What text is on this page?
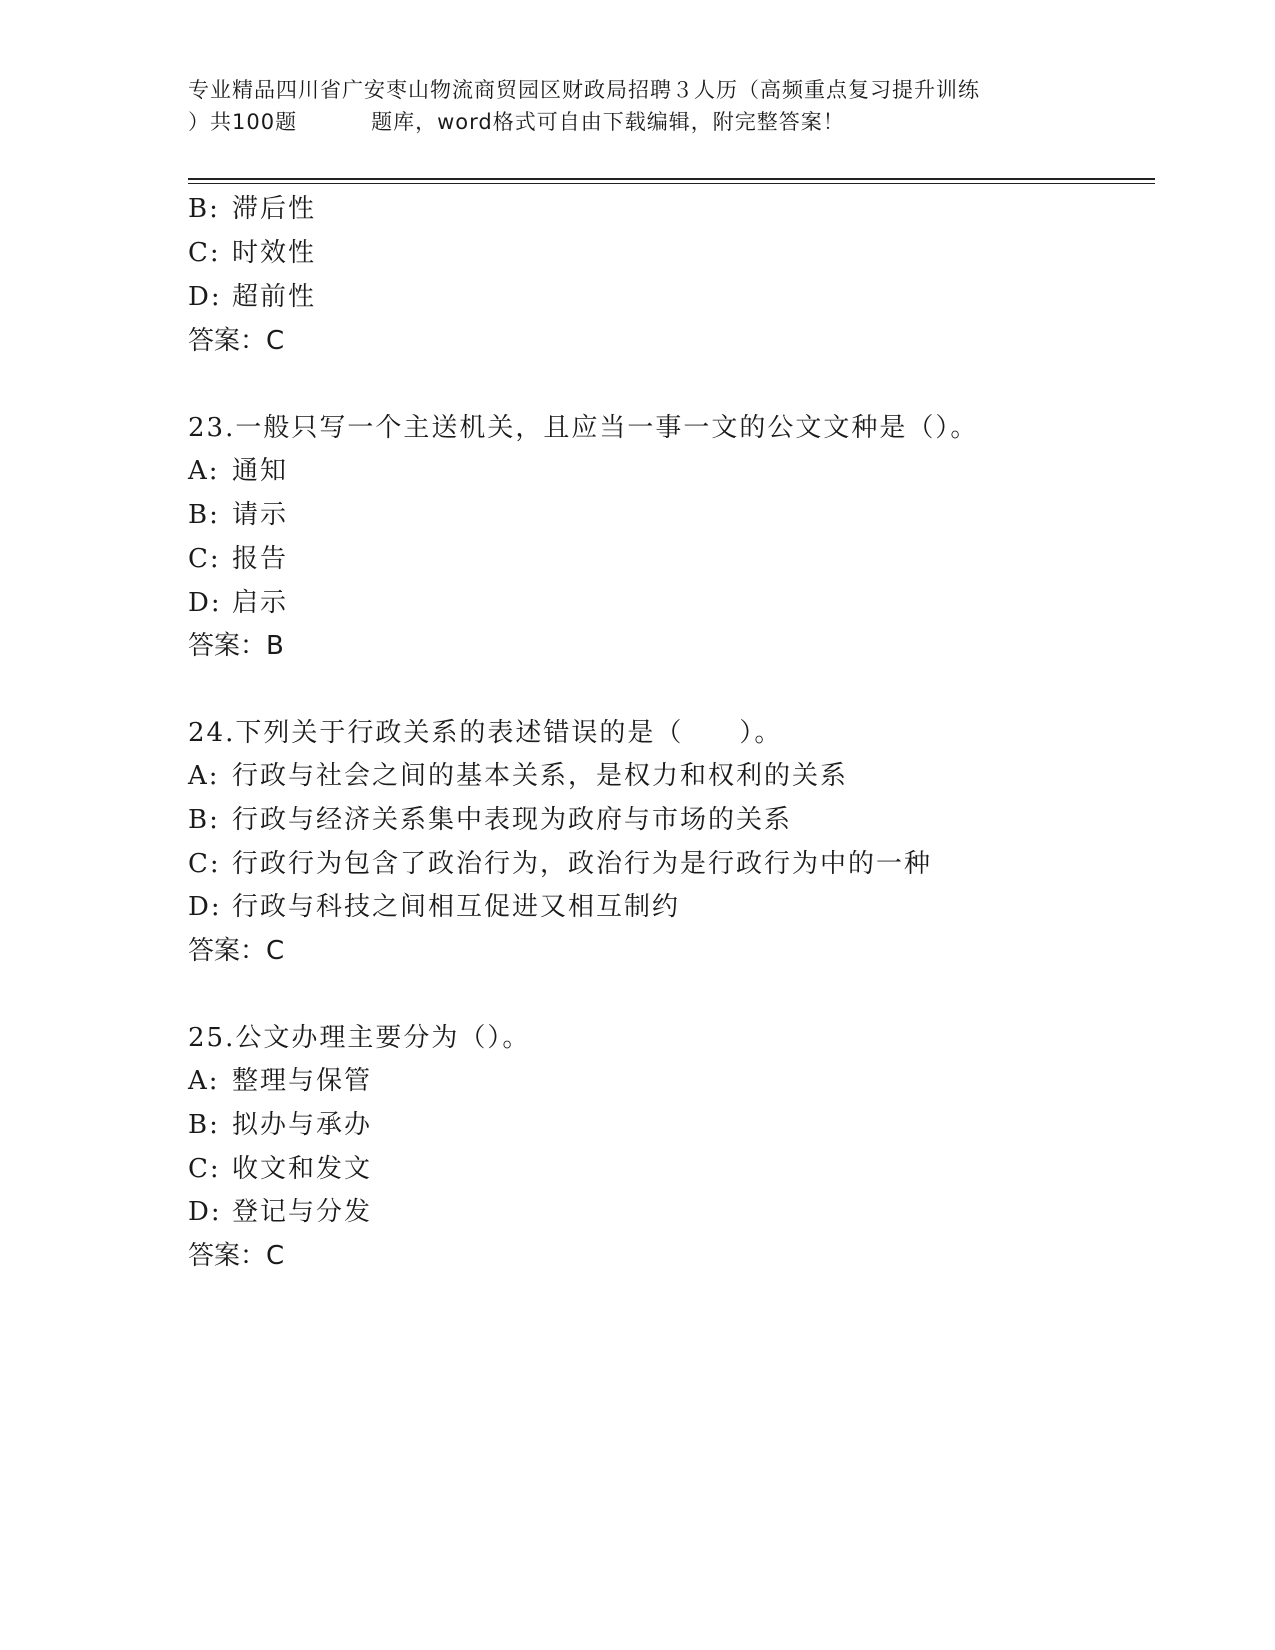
专业精品四川省广安枣山物流商贸园区财政局招聘３人历（高频重点复习提升训练
）共100题	题库，word格式可自由下载编辑，附完整答案！
B: 滞后性
C: 时效性
D: 超前性
答案：C
23.一般只写一个主送机关，且应当一事一文的公文文种是（）。
A: 通知
B: 请示
C: 报告
D: 启示
答案：B
24.下列关于行政关系的表述错误的是（　　）。
A: 行政与社会之间的基本关系，是权力和权利的关系
B: 行政与经济关系集中表现为政府与市场的关系
C: 行政行为包含了政治行为，政治行为是行政行为中的一种
D: 行政与科技之间相互促进又相互制约
答案：C
25.公文办理主要分为（）。
A: 整理与保管
B: 拟办与承办
C: 收文和发文
D: 登记与分发
答案：C
